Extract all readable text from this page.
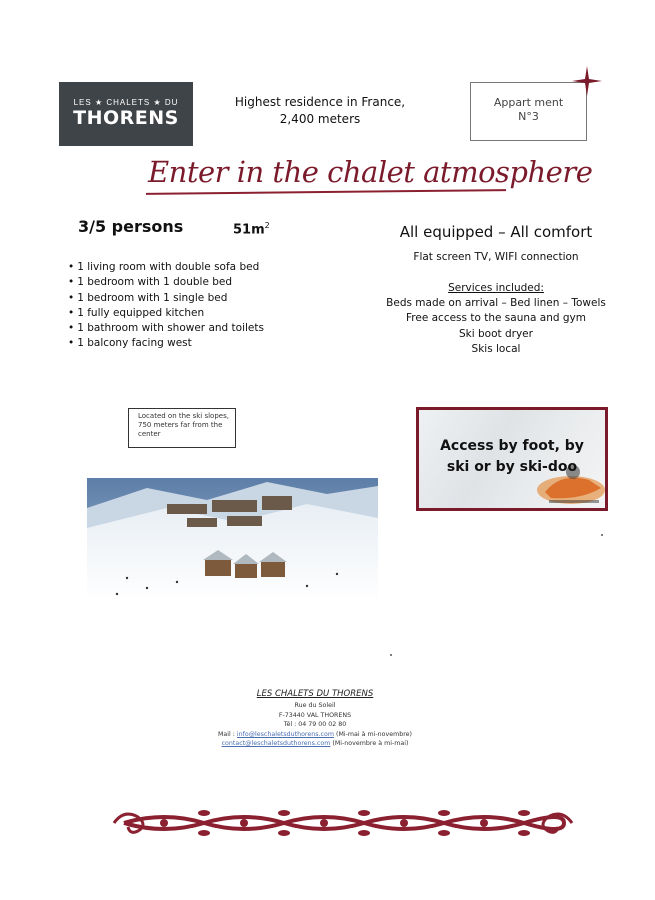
LES ★ CHALETS ★ DU
THORENS
Highest residence in France, 2,400 meters
Appart ment
N°3
Enter in the chalet atmosphere
3/5 persons	$51m^2$
• 1 living room with double sofa bed
• 1 bedroom with 1 double bed
• 1 bedroom with 1 single bed
• 1 fully equipped kitchen
• 1 bathroom with shower and toilets
• 1 balcony facing west
All equipped – All comfort
Flat screen TV, WIFI connection
Services included:
Beds made on arrival – Bed linen – Towels
Free access to the sauna and gym
Ski boot dryer
Skis local
Located on the ski slopes, 750 meters far from the center
Access by foot, by ski or by ski-doo
LES CHALETS DU THORENS
Rue du Soleil
F-73440 VAL THORENS
Tél : 04 79 00 02 80
Mail : info@leschaletsduthorens.com (Mi-mai à mi-novembre)
contact@leschaletsduthorens.com (Mi-novembre à mi-mai)
